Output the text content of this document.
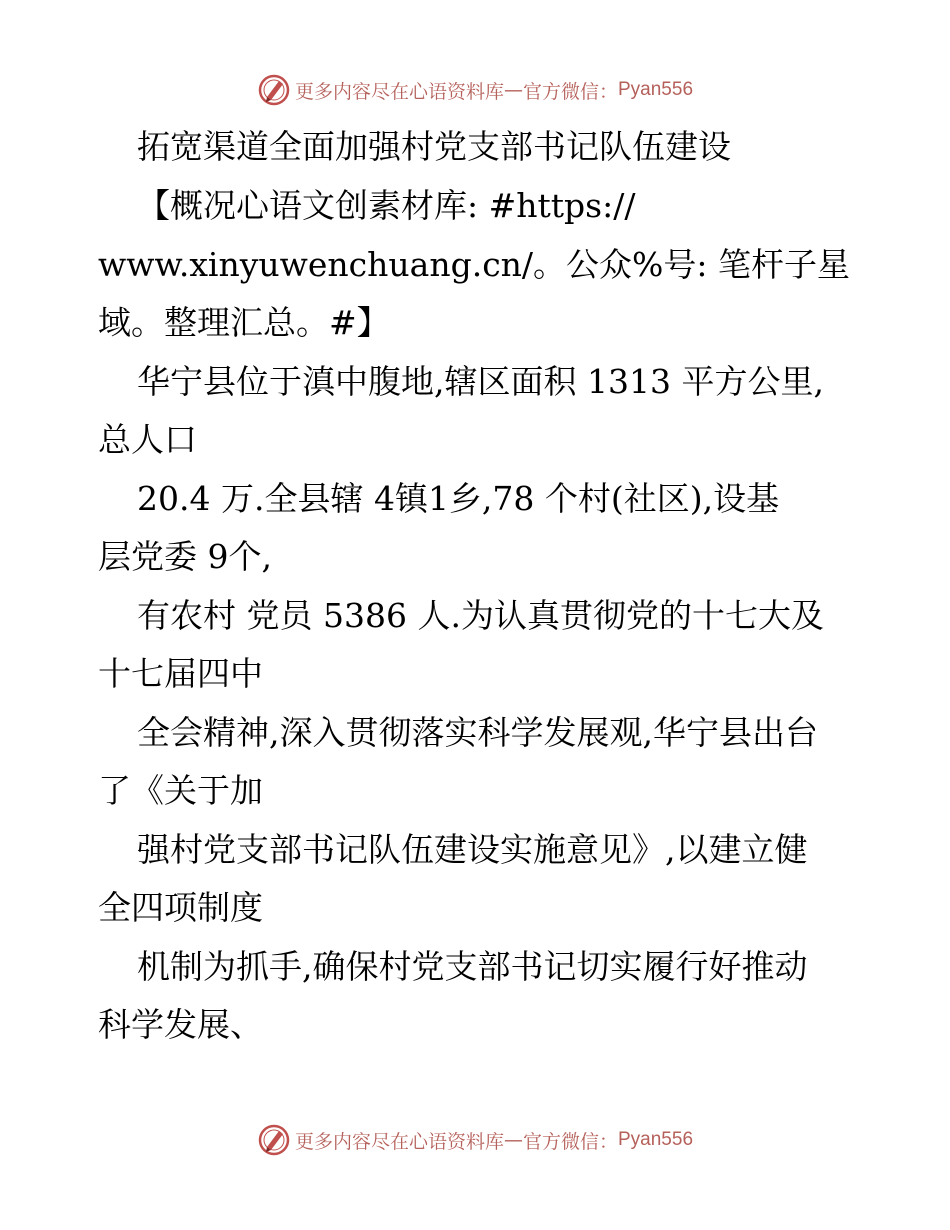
更多内容尽在心语资料库 — 官方微信： Pyan556
拓宽渠道全面加强村党支部书记队伍建设
【概况心语文创素材库: #https://
www.xinyuwenchuang.cn/。公众%号: 笔杆子星
域。整理汇总。#】
华宁县位于滇中腹地,辖区面积 1313 平方公里,
总人口
20.4 万.全县辖 4镇1乡,78 个村(社区),设基
层党委 9个,
有农村 党员 5386 人.为认真贯彻党的十七大及
十七届四中
全会精神,深入贯彻落实科学发展观,华宁县出台
了《关于加
强村党支部书记队伍建设实施意见》,以建立健
全四项制度
机制为抓手,确保村党支部书记切实履行好推动
科学发展、
更多内容尽在心语资料库 — 官方微信： Pyan556
